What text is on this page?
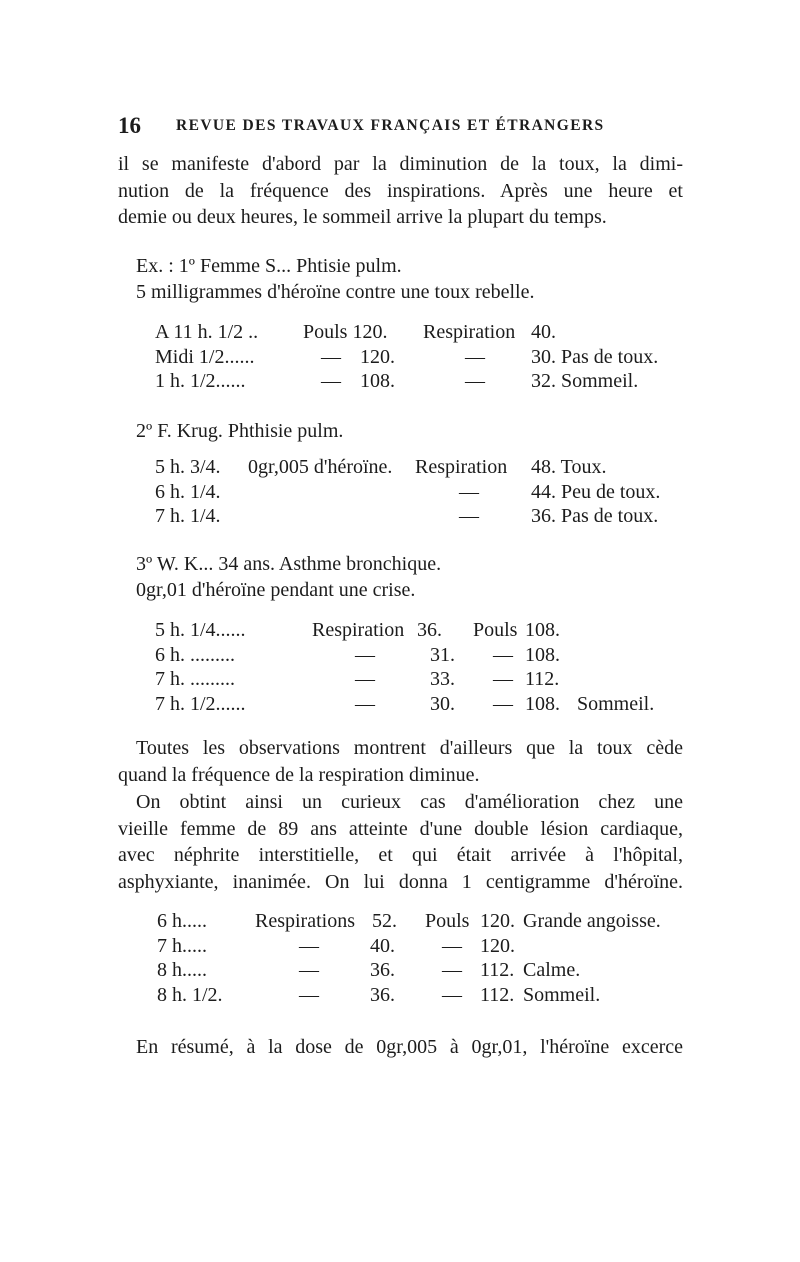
16 REVUE DES TRAVAUX FRANÇAIS ET ÉTRANGERS
il se manifeste d'abord par la diminution de la toux, la dimi-
nution de la fréquence des inspirations. Après une heure et
demie ou deux heures, le sommeil arrive la plupart du temps.
Ex. : 1º Femme S... Phtisie pulm.
5 milligrammes d'héroïne contre une toux rebelle.
A 11 h. 1/2 .. Pouls 120. Respiration 40.
Midi 1/2......	— 120.	— 30. Pas de toux.
1 h. 1/2......	— 108.	— 32. Sommeil.
2º F. Krug. Phthisie pulm.
5 h. 3/4. 0gr,005 d'héroïne. Respiration 48. Toux.
6 h. 1/4.	—	44. Peu de toux.
7 h. 1/4.	—	36. Pas de toux.
3º W. K... 34 ans. Asthme bronchique.
0gr,01 d'héroïne pendant une crise.
5 h. 1/4......	Respiration 36. Pouls 108.
6 h. .........	—	31. — 108.
7 h. .........	—	33. — 112.
7 h. 1/2......	—	30. — 108. Sommeil.
Toutes les observations montrent d'ailleurs que la toux cède
quand la fréquence de la respiration diminue.
On obtint ainsi un curieux cas d'amélioration chez une
vieille femme de 89 ans atteinte d'une double lésion cardiaque,
avec néphrite interstitielle, et qui était arrivée à l'hôpital,
asphyxiante, inanimée. On lui donna 1 centigramme d'héroïne.
6 h..... Respirations 52. Pouls 120. Grande angoisse.
7 h.....	—	40. — 120.
8 h.....	—	36. — 112. Calme.
8 h. 1/2.	—	36. — 112. Sommeil.
En résumé, à la dose de 0gr,005 à 0gr,01, l'héroïne excerce
